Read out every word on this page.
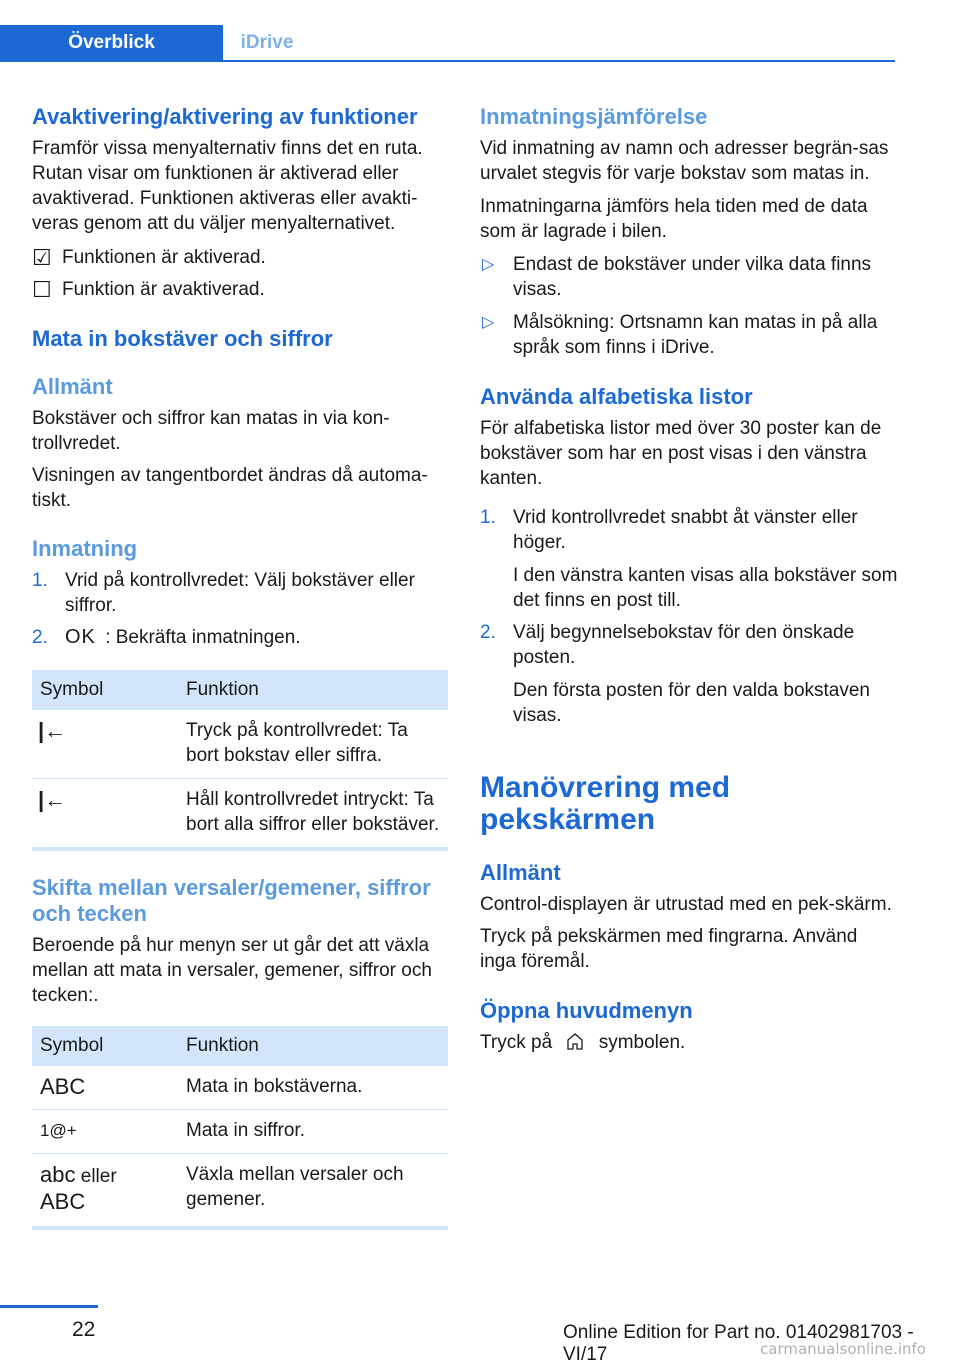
Överblick	iDrive
Avaktivering/aktivering av funktioner

Framför vissa menyalternativ finns det en ruta. Rutan visar om funktionen är aktiverad eller avaktiverad. Funktionen aktiveras eller avakti-veras genom att du väljer menyalternativet.

☑ Funktionen är aktiverad.
☐ Funktion är avaktiverad.
Mata in bokstäver och siffror
Allmänt

Bokstäver och siffror kan matas in via kon-trollvredet.

Visningen av tangentbordet ändras då automa-tiskt.

Inmatning
1. Vrid på kontrollvredet: Välj bokstäver eller siffror.
2. OK : Bekräfta inmatningen.
Symbol	Funktion
|←	Tryck på kontrollvredet: Ta bort bokstav eller siffra.
|←	Håll kontrollvredet intryckt: Ta bort alla siffror eller bokstäver.
Skifta mellan versaler/gemener, siffror och tecken

Beroende på hur menyn ser ut går det att växla mellan att mata in versaler, gemener, siffror och tecken:.

Symbol	Funktion
ABC	Mata in bokstäverna.
1@+	Mata in siffror.
abc eller
ABC	Växla mellan versaler och gemener.
Inmatningsjämförelse

Vid inmatning av namn och adresser begrän-sas urvalet stegvis för varje bokstav som matas in.

Inmatningarna jämförs hela tiden med de data som är lagrade i bilen.

▷ Endast de bokstäver under vilka data finns visas.
▷ Målsökning: Ortsnamn kan matas in på alla språk som finns i iDrive.
Använda alfabetiska listor

För alfabetiska listor med över 30 poster kan de bokstäver som har en post visas i den vänstra kanten.

1. Vrid kontrollvredet snabbt åt vänster eller höger.
I den vänstra kanten visas alla bokstäver som det finns en post till.
2. Välj begynnelsebokstav för den önskade posten.
Den första posten för den valda bokstaven visas.
Manövrering med pekskärmen
Allmänt

Control-displayen är utrustad med en pek-skärm.

Tryck på pekskärmen med fingrarna. Använd inga föremål.

Öppna huvudmenyn

Tryck på symbolen.

22	Online Edition for Part no. 01402981703 - VI/17	carmanualsonline.info
